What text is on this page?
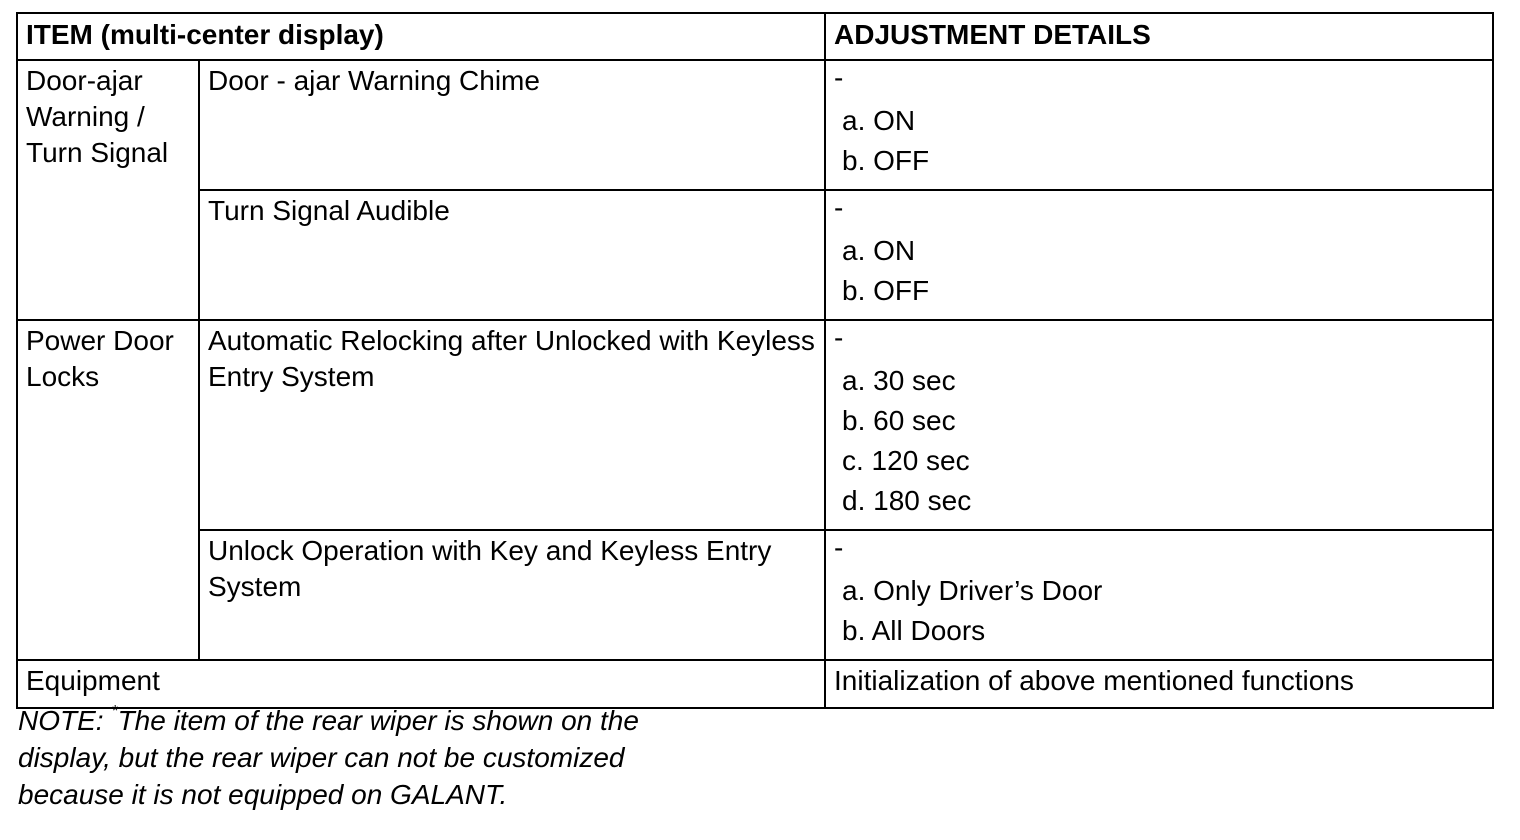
ITEM (multi-center display)		ADJUSTMENT DETAILS
Door-ajar Warning / Turn Signal	Door - ajar Warning Chime	-
a. ON
b. OFF

	Turn Signal Audible	-
a. ON
b. OFF

Power Door Locks	Automatic Relocking after Unlocked with Keyless Entry System	-
a. 30 sec
b. 60 sec
c. 120 sec
d. 180 sec

	Unlock Operation with Key and Keyless Entry System	-
a. Only Driver’s Door
b. All Doors

Equipment		Initialization of above mentioned functions
NOTE: *The item of the rear wiper is shown on the display, but the rear wiper can not be customized because it is not equipped on GALANT.
